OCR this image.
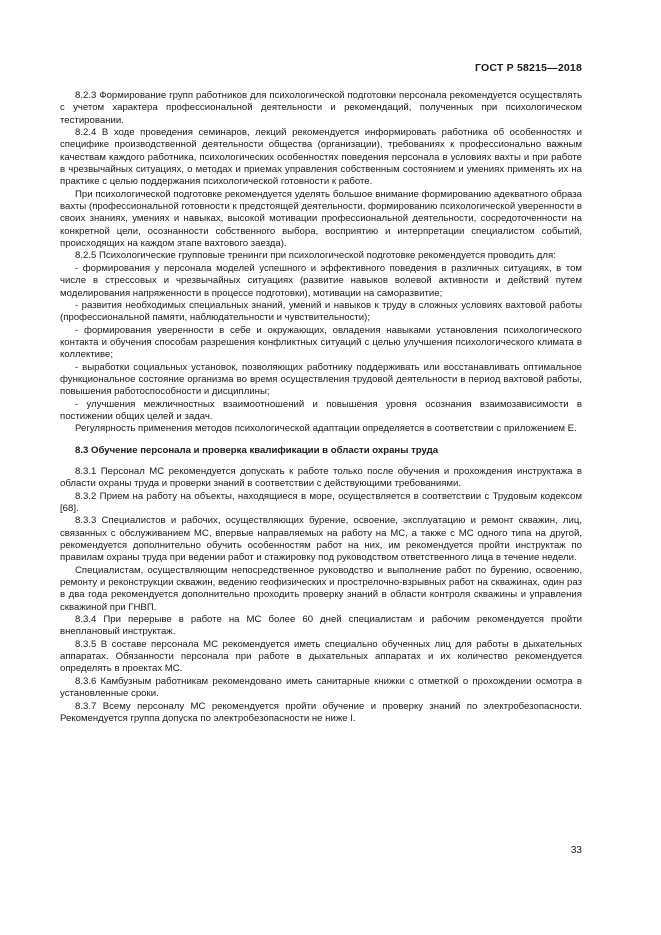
ГОСТ Р 58215—2018

8.2.3 Формирование групп работников для психологической подготовки персонала рекомендуется осуществлять с учетом характера профессиональной деятельности и рекомендаций, полученных при психологическом тестировании.

8.2.4 В ходе проведения семинаров, лекций рекомендуется информировать работника об особенностях и специфике производственной деятельности общества (организации), требованиях к профессионально важным качествам каждого работника, психологических особенностях поведения персонала в условиях вахты и при работе в чрезвычайных ситуациях, о методах и приемах управления собственным состоянием и умениях применять их на практике с целью поддержания психологической готовности к работе.

При психологической подготовке рекомендуется уделять большое внимание формированию адекватного образа вахты (профессиональной готовности к предстоящей деятельности, формированию психологической уверенности в своих знаниях, умениях и навыках, высокой мотивации профессиональной деятельности, сосредоточенности на конкретной цели, осознанности собственного выбора, восприятию и интерпретации специалистом событий, происходящих на каждом этапе вахтового заезда).

8.2.5 Психологические групповые тренинги при психологической подготовке рекомендуется проводить для:

- формирования у персонала моделей успешного и эффективного поведения в различных ситуациях, в том числе в стрессовых и чрезвычайных ситуациях (развитие навыков волевой активности и действий путем моделирования напряженности в процессе подготовки), мотивации на саморазвитие;

- развития необходимых специальных знаний, умений и навыков к труду в сложных условиях вахтовой работы (профессиональной памяти, наблюдательности и чувствительности);

- формирования уверенности в себе и окружающих, овладения навыками установления психологического контакта и обучения способам разрешения конфликтных ситуаций с целью улучшения психологического климата в коллективе;

- выработки социальных установок, позволяющих работнику поддерживать или восстанавливать оптимальное функциональное состояние организма во время осуществления трудовой деятельности в период вахтовой работы, повышения работоспособности и дисциплины;

- улучшения межличностных взаимоотношений и повышения уровня осознания взаимозависимости в постижении общих целей и задач.

Регулярность применения методов психологической адаптации определяется в соответствии с приложением Е.

8.3 Обучение персонала и проверка квалификации в области охраны труда

8.3.1 Персонал МС рекомендуется допускать к работе только после обучения и прохождения инструктажа в области охраны труда и проверки знаний в соответствии с действующими требованиями.

8.3.2 Прием на работу на объекты, находящиеся в море, осуществляется в соответствии с Трудовым кодексом [68].

8.3.3 Специалистов и рабочих, осуществляющих бурение, освоение, эксплуатацию и ремонт скважин, лиц, связанных с обслуживанием МС, впервые направляемых на работу на МС, а также с МС одного типа на другой, рекомендуется дополнительно обучить особенностям работ на них, им рекомендуется пройти инструктаж по правилам охраны труда при ведении работ и стажировку под руководством ответственного лица в течение недели.

Специалистам, осуществляющим непосредственное руководство и выполнение работ по бурению, освоению, ремонту и реконструкции скважин, ведению геофизических и прострелочно-взрывных работ на скважинах, один раз в два года рекомендуется дополнительно проходить проверку знаний в области контроля скважины и управления скважиной при ГНВП.

8.3.4 При перерыве в работе на МС более 60 дней специалистам и рабочим рекомендуется пройти внеплановый инструктаж.

8.3.5 В составе персонала МС рекомендуется иметь специально обученных лиц для работы в дыхательных аппаратах. Обязанности персонала при работе в дыхательных аппаратах и их количество рекомендуется определять в проектах МС.

8.3.6 Камбузным работникам рекомендовано иметь санитарные книжки с отметкой о прохождении осмотра в установленные сроки.

8.3.7 Всему персоналу МС рекомендуется пройти обучение и проверку знаний по электробезопасности. Рекомендуется группа допуска по электробезопасности не ниже I.

33
